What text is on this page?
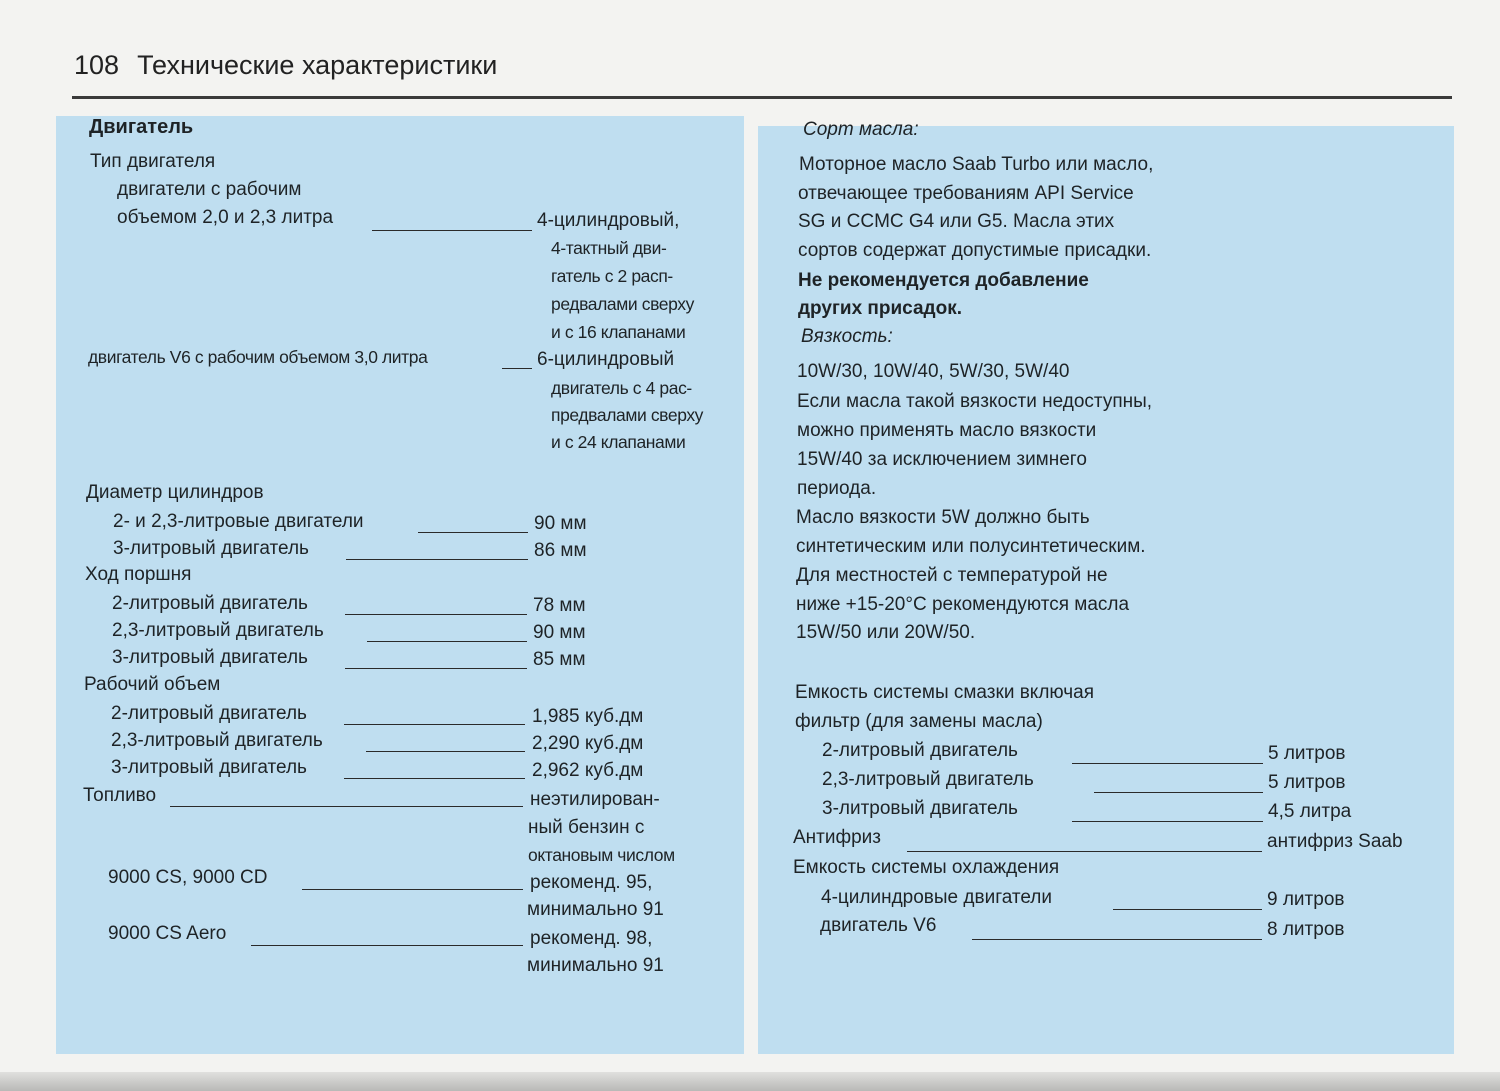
108 Технические характеристики
Двигатель
Тип двигателя
двигатели с рабочим
объемом 2,0 и 2,3 литра	4-цилиндровый,
4-тактный дви-
гатель с 2 расп-
редвалами сверху
и с 16 клапанами
двигатель V6 с рабочим объемом 3,0 литра	6-цилиндровый
двигатель с 4 рас-
предвалами сверху
и с 24 клапанами
Диаметр цилиндров
2- и 2,3-литровые двигатели	90 мм
3-литровый двигатель	86 мм
Ход поршня
2-литровый двигатель	78 мм
2,3-литровый двигатель	90 мм
3-литровый двигатель	85 мм
Рабочий объем
2-литровый двигатель	1,985 куб.дм
2,3-литровый двигатель	2,290 куб.дм
3-литровый двигатель	2,962 куб.дм
Топливо	неэтилирован-
ный бензин с
октановым числом
9000 CS, 9000 CD	рекоменд. 95,
минимально 91
9000 CS Aero	рекоменд. 98,
минимально 91
Сорт масла:
Моторное масло Saab Turbo или масло,
отвечающее требованиям API Service
SG и CCMC G4 или G5. Масла этих
сортов содержат допустимые присадки.
Не рекомендуется добавление
других присадок.
Вязкость:
10W/30, 10W/40, 5W/30, 5W/40
Если масла такой вязкости недоступны,
можно применять масло вязкости
15W/40 за исключением зимнего
периода.
Масло вязкости 5W должно быть
синтетическим или полусинтетическим.
Для местностей с температурой не
ниже +15-20°C рекомендуются масла
15W/50 или 20W/50.
Емкость системы смазки включая
фильтр (для замены масла)
2-литровый двигатель	5 литров
2,3-литровый двигатель	5 литров
3-литровый двигатель	4,5 литра
Антифриз	антифриз Saab
Емкость системы охлаждения
4-цилиндровые двигатели	9 литров
двигатель V6	8 литров
